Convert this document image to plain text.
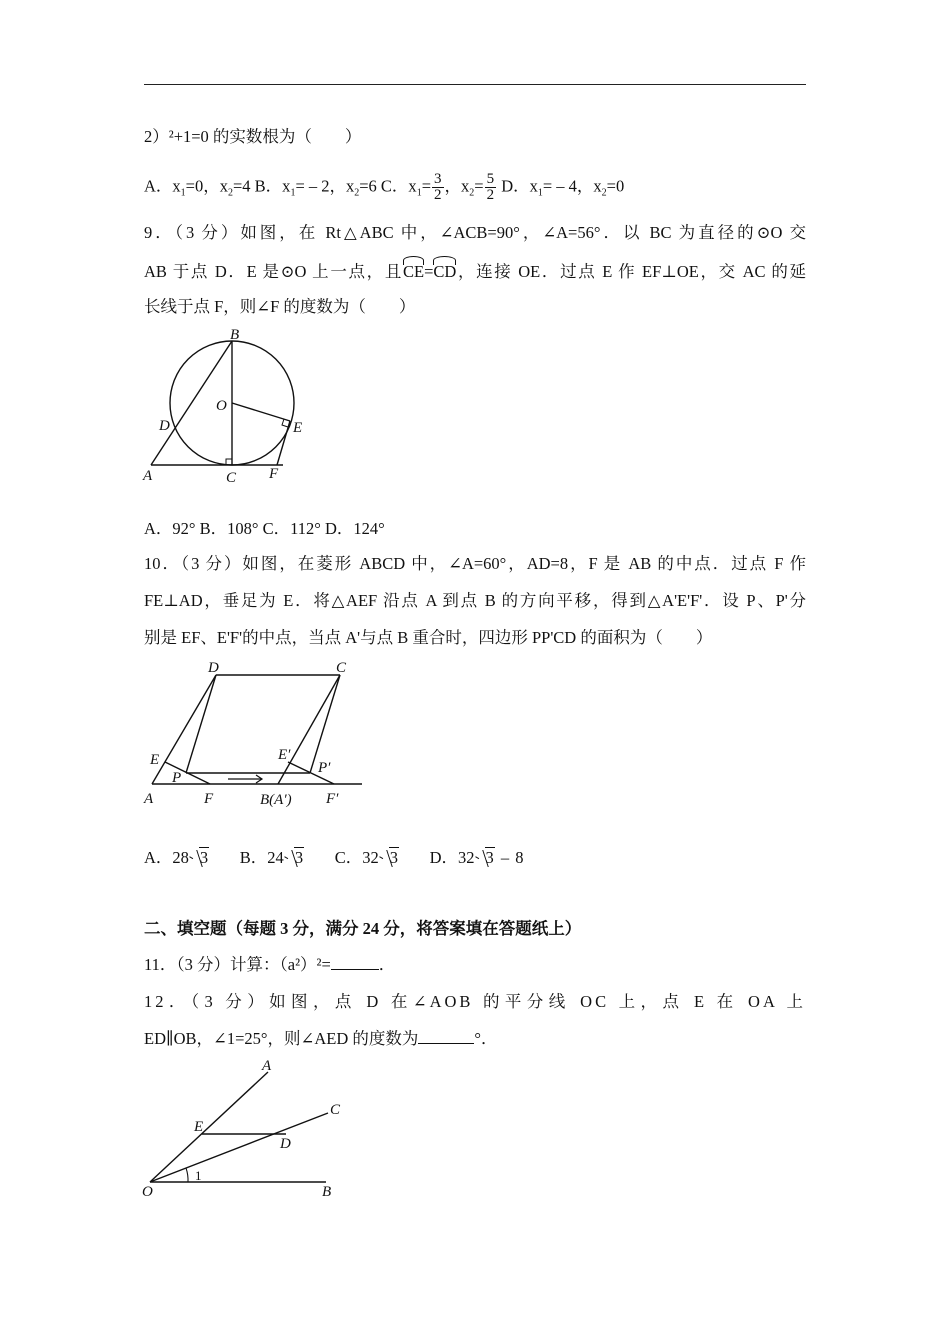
2）²+1=0 的实数根为（　　）
A．$x_1=0$，$x_2=4$ B．$x_1= - 2$，$x_2=6$ C．$x_1= \frac{3}{2}$ ，$x_2= \frac{5}{2}$ D．$x_1= - 4$，$x_2=0$
9．（3 分）如图，在 Rt△ABC 中，∠ACB=90°，∠A=56°．以 BC 为直径的⊙O 交
AB 于点 D．E 是⊙O 上一点，且CE=CD，连接 OE．过点 E 作 EF⊥OE，交 AC 的延
长线于点 F，则∠F 的度数为（　　）
B
O
D	E
A	C F
A．92° B．108° C．112° D．124°
10．（3 分）如图，在菱形 ABCD 中，∠A=60°，AD=8，F 是 AB 的中点．过点 F 作
FE⊥AD，垂足为 E．将△AEF 沿点 A 到点 B 的方向平移，得到△A'E'F'．设 P、P'分
别是 EF、E'F'的中点，当点 A'与点 B 重合时，四边形 PP'CD 的面积为（　　）
D	C
E
P
E′
P′
A	F	B(A′) F′
A．28 3 B．24 3 C．32 3 D．32 3 – 8
二、填空题（每题 3 分，满分 24 分，将答案填在答题纸上）
11．（3 分）计算：（a²）²=	．
12．（3 分）如图，点 D 在∠AOB 的平分线 OC 上，点 E 在 OA 上
ED∥OB，∠1=25°，则∠AED 的度数为	°．
A
C
E
D
O
1
B
